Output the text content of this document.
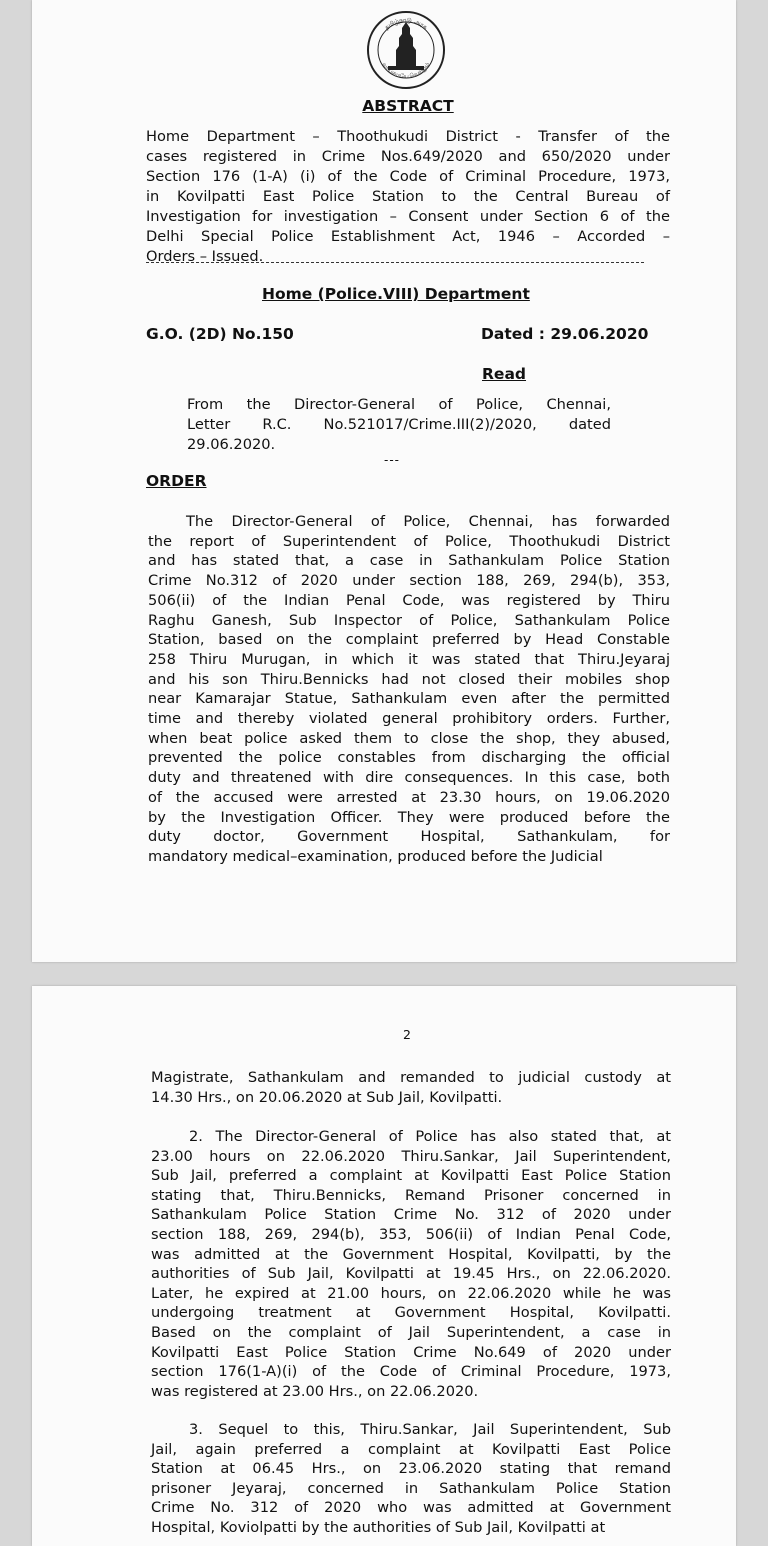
தமிழ்நாடு அரசு
வாய்மையே வெல்லும்
ABSTRACT
Home Department – Thoothukudi District - Transfer of the
cases registered in Crime Nos.649/2020 and 650/2020 under
Section 176 (1-A) (i) of the Code of Criminal Procedure, 1973,
in Kovilpatti East Police Station to the Central Bureau of
Investigation for investigation – Consent under Section 6 of the
Delhi Special Police Establishment Act, 1946 – Accorded –
Orders – Issued.
Home (Police.VIII) Department
G.O. (2D) No.150	Dated : 29.06.2020
Read
From the Director-General of Police, Chennai,
Letter R.C. No.521017/Crime.III(2)/2020, dated
29.06.2020.
---
ORDER
The Director-General of Police, Chennai, has forwarded
the report of Superintendent of Police, Thoothukudi District
and has stated that, a case in Sathankulam Police Station
Crime No.312 of 2020 under section 188, 269, 294(b), 353,
506(ii) of the Indian Penal Code, was registered by Thiru
Raghu Ganesh, Sub Inspector of Police, Sathankulam Police
Station, based on the complaint preferred by Head Constable
258 Thiru Murugan, in which it was stated that Thiru.Jeyaraj
and his son Thiru.Bennicks had not closed their mobiles shop
near Kamarajar Statue, Sathankulam even after the permitted
time and thereby violated general prohibitory orders. Further,
when beat police asked them to close the shop, they abused,
prevented the police constables from discharging the official
duty and threatened with dire consequences. In this case, both
of the accused were arrested at 23.30 hours, on 19.06.2020
by the Investigation Officer. They were produced before the
duty doctor, Government Hospital, Sathankulam, for
mandatory medical–examination, produced before the Judicial
2
Magistrate, Sathankulam and remanded to judicial custody at
14.30 Hrs., on 20.06.2020 at Sub Jail, Kovilpatti.
2. The Director-General of Police has also stated that, at
23.00 hours on 22.06.2020 Thiru.Sankar, Jail Superintendent,
Sub Jail, preferred a complaint at Kovilpatti East Police Station
stating that, Thiru.Bennicks, Remand Prisoner concerned in
Sathankulam Police Station Crime No. 312 of 2020 under
section 188, 269, 294(b), 353, 506(ii) of Indian Penal Code,
was admitted at the Government Hospital, Kovilpatti, by the
authorities of Sub Jail, Kovilpatti at 19.45 Hrs., on 22.06.2020.
Later, he expired at 21.00 hours, on 22.06.2020 while he was
undergoing treatment at Government Hospital, Kovilpatti.
Based on the complaint of Jail Superintendent, a case in
Kovilpatti East Police Station Crime No.649 of 2020 under
section 176(1-A)(i) of the Code of Criminal Procedure, 1973,
was registered at 23.00 Hrs., on 22.06.2020.
3. Sequel to this, Thiru.Sankar, Jail Superintendent, Sub
Jail, again preferred a complaint at Kovilpatti East Police
Station at 06.45 Hrs., on 23.06.2020 stating that remand
prisoner Jeyaraj, concerned in Sathankulam Police Station
Crime No. 312 of 2020 who was admitted at Government
Hospital, Koviolpatti by the authorities of Sub Jail, Kovilpatti at
